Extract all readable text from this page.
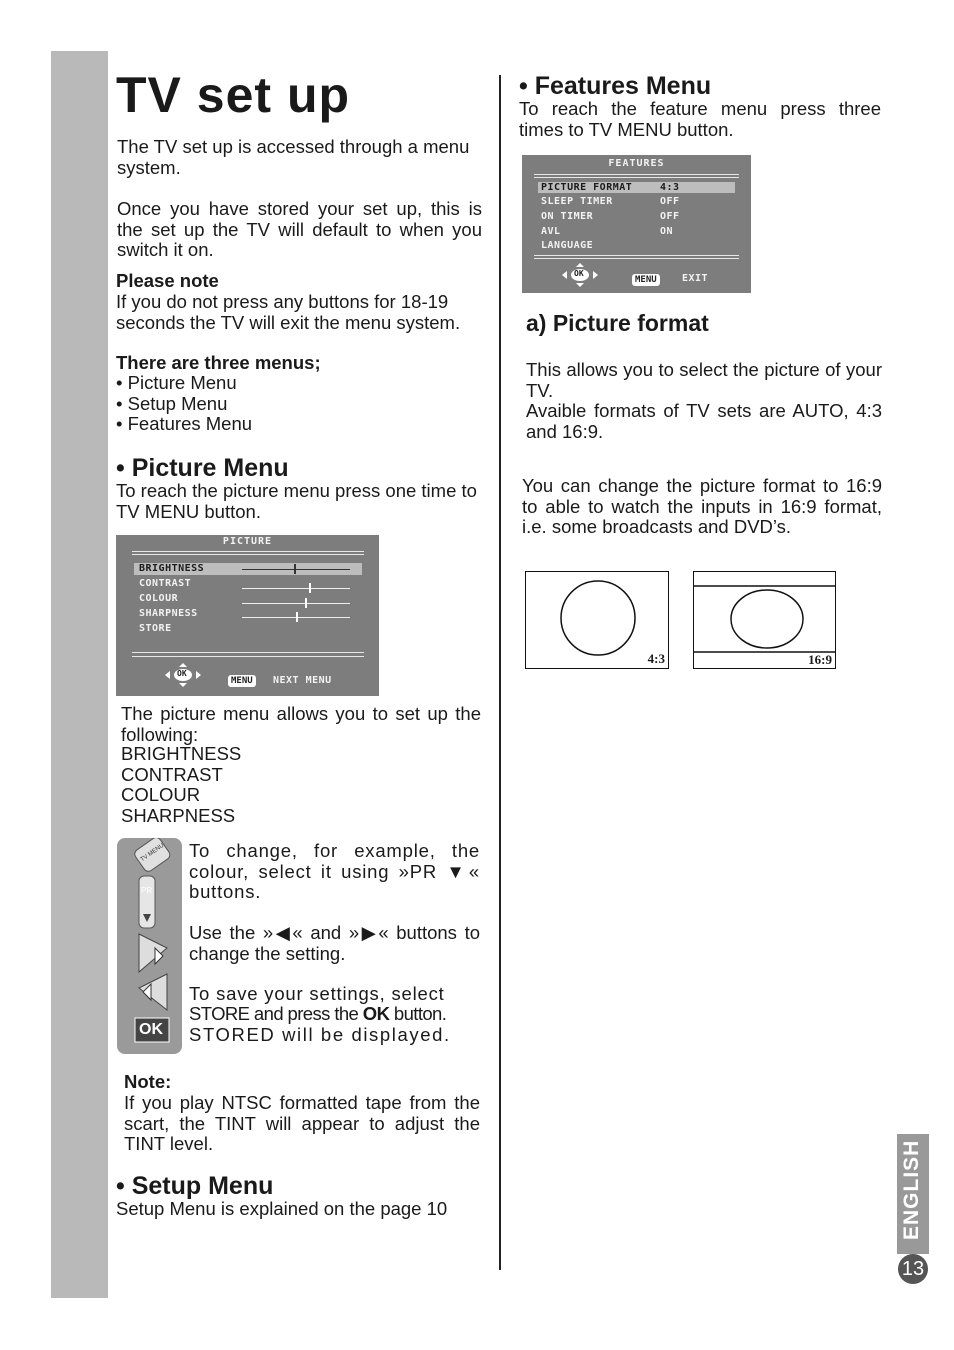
TV set up

The TV set up is accessed through a menu system.

Once you have stored your set up, this is the set up the TV will default to when you switch it on.

Please note

If you do not press any buttons for 18-19 seconds the TV will exit the menu system.

There are three menus;

• Picture Menu

• Setup Menu

• Features Menu

• Picture Menu

To reach the picture menu press one time to TV MENU button.

PICTURE
BRIGHTNESS
CONTRAST
COLOUR
SHARPNESS
STORE
OK
MENU	NEXT MENU

The picture menu allows you to set up the following:

BRIGHTNESS

CONTRAST

COLOUR

SHARPNESS

TV MENU
PR
OK

To change, for example, the colour, select it using »PR ▼« buttons.

Use the »◀« and »▶« buttons to change the setting.

To save your settings, select

STORE and press the OK button.

STORED will be displayed.

Note:

If you play NTSC formatted tape from the scart, the TINT will appear to adjust the TINT level.

• Setup Menu

Setup Menu is explained on the page 10

• Features Menu

To reach the feature menu press three times to TV MENU button.

FEATURES
PICTURE FORMAT	4:3
SLEEP TIMER	OFF
ON TIMER	OFF
AVL	ON
LANGUAGE
OK
MENU	EXIT
a) Picture format

This allows you to select the picture of your TV.

Avaible formats of TV sets are AUTO, 4:3 and 16:9.

You can change the picture format to 16:9 to able to watch the inputs in 16:9 format, i.e. some broadcasts and DVD’s.

4:3	16:9
ENGLISH
13
